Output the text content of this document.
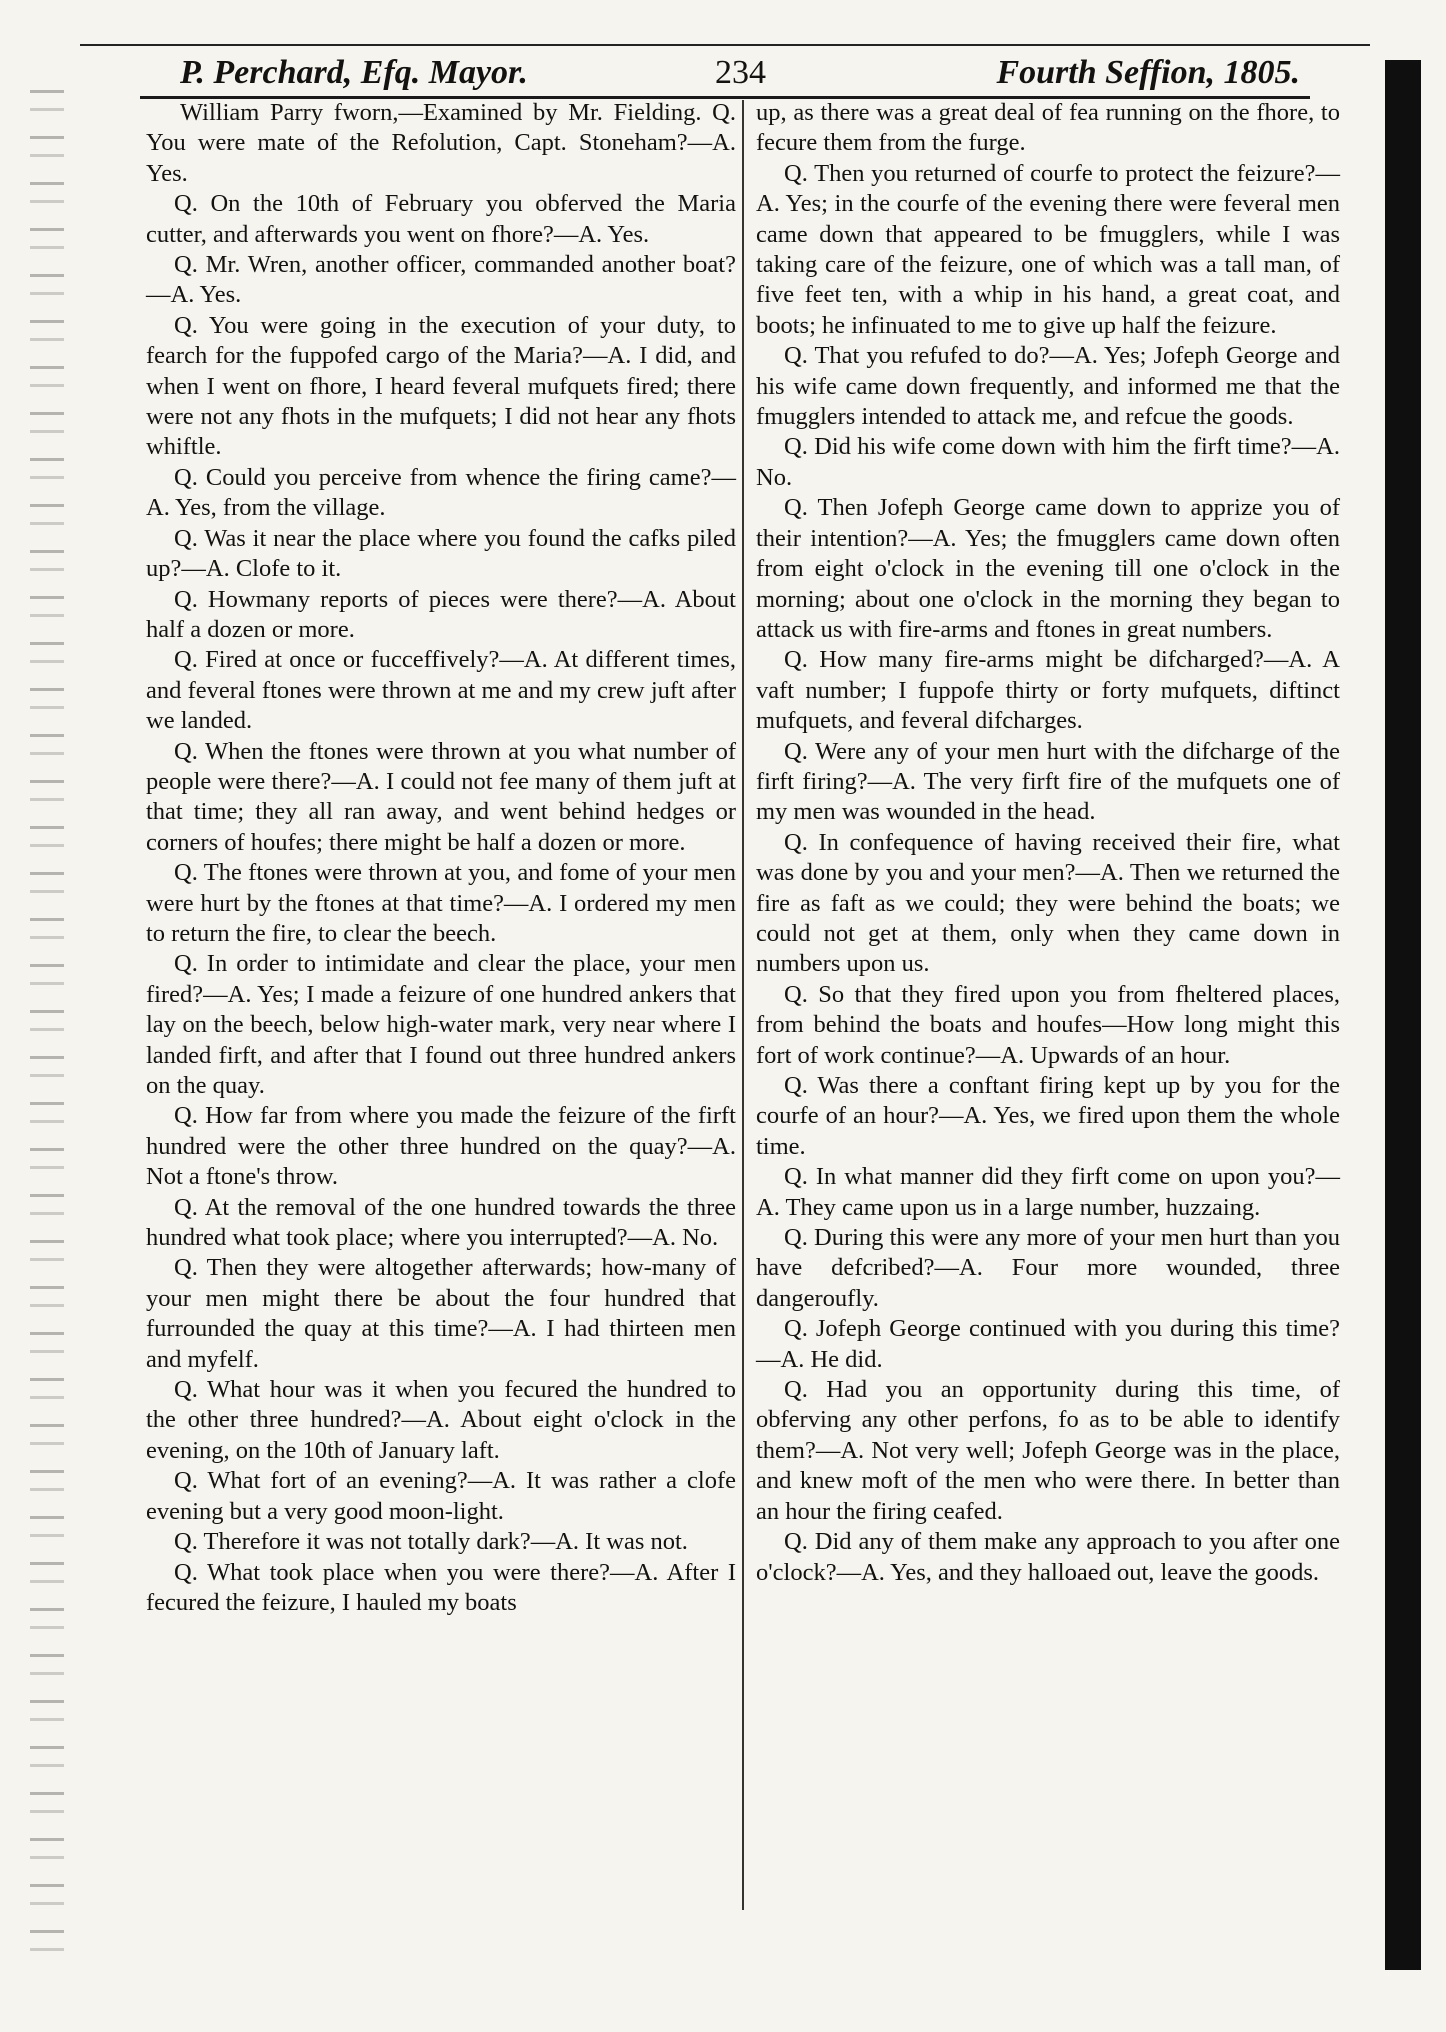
P. Perchard, Efq. Mayor.	234	Fourth Seffion, 1805.

William Parry fworn,—Examined by Mr. Fielding. Q. You were mate of the Refolution, Capt. Stoneham?—A. Yes.

Q. On the 10th of February you obferved the Maria cutter, and afterwards you went on fhore?—A. Yes.

Q. Mr. Wren, another officer, commanded another boat?—A. Yes.

Q. You were going in the execution of your duty, to fearch for the fuppofed cargo of the Maria?—A. I did, and when I went on fhore, I heard feveral mufquets fired; there were not any fhots in the mufquets; I did not hear any fhots whiftle.

Q. Could you perceive from whence the firing came?—A. Yes, from the village.

Q. Was it near the place where you found the cafks piled up?—A. Clofe to it.

Q. Howmany reports of pieces were there?—A. About half a dozen or more.

Q. Fired at once or fucceffively?—A. At different times, and feveral ftones were thrown at me and my crew juft after we landed.

Q. When the ftones were thrown at you what number of people were there?—A. I could not fee many of them juft at that time; they all ran away, and went behind hedges or corners of houfes; there might be half a dozen or more.

Q. The ftones were thrown at you, and fome of your men were hurt by the ftones at that time?—A. I ordered my men to return the fire, to clear the beech.

Q. In order to intimidate and clear the place, your men fired?—A. Yes; I made a feizure of one hundred ankers that lay on the beech, below high-water mark, very near where I landed firft, and after that I found out three hundred ankers on the quay.

Q. How far from where you made the feizure of the firft hundred were the other three hundred on the quay?—A. Not a ftone's throw.

Q. At the removal of the one hundred towards the three hundred what took place; where you interrupted?—A. No.

Q. Then they were altogether afterwards; how-many of your men might there be about the four hundred that furrounded the quay at this time?—A. I had thirteen men and myfelf.

Q. What hour was it when you fecured the hundred to the other three hundred?—A. About eight o'clock in the evening, on the 10th of January laft.

Q. What fort of an evening?—A. It was rather a clofe evening but a very good moon-light.

Q. Therefore it was not totally dark?—A. It was not.

Q. What took place when you were there?—A. After I fecured the feizure, I hauled my boats

up, as there was a great deal of fea running on the fhore, to fecure them from the furge.

Q. Then you returned of courfe to protect the feizure?—A. Yes; in the courfe of the evening there were feveral men came down that appeared to be fmugglers, while I was taking care of the feizure, one of which was a tall man, of five feet ten, with a whip in his hand, a great coat, and boots; he infinuated to me to give up half the feizure.

Q. That you refufed to do?—A. Yes; Jofeph George and his wife came down frequently, and informed me that the fmugglers intended to attack me, and refcue the goods.

Q. Did his wife come down with him the firft time?—A. No.

Q. Then Jofeph George came down to apprize you of their intention?—A. Yes; the fmugglers came down often from eight o'clock in the evening till one o'clock in the morning; about one o'clock in the morning they began to attack us with fire-arms and ftones in great numbers.

Q. How many fire-arms might be difcharged?—A. A vaft number; I fuppofe thirty or forty mufquets, diftinct mufquets, and feveral difcharges.

Q. Were any of your men hurt with the difcharge of the firft firing?—A. The very firft fire of the mufquets one of my men was wounded in the head.

Q. In confequence of having received their fire, what was done by you and your men?—A. Then we returned the fire as faft as we could; they were behind the boats; we could not get at them, only when they came down in numbers upon us.

Q. So that they fired upon you from fheltered places, from behind the boats and houfes—How long might this fort of work continue?—A. Upwards of an hour.

Q. Was there a conftant firing kept up by you for the courfe of an hour?—A. Yes, we fired upon them the whole time.

Q. In what manner did they firft come on upon you?—A. They came upon us in a large number, huzzaing.

Q. During this were any more of your men hurt than you have defcribed?—A. Four more wounded, three dangeroufly.

Q. Jofeph George continued with you during this time?—A. He did.

Q. Had you an opportunity during this time, of obferving any other perfons, fo as to be able to identify them?—A. Not very well; Jofeph George was in the place, and knew moft of the men who were there. In better than an hour the firing ceafed.

Q. Did any of them make any approach to you after one o'clock?—A. Yes, and they halloaed out, leave the goods.
